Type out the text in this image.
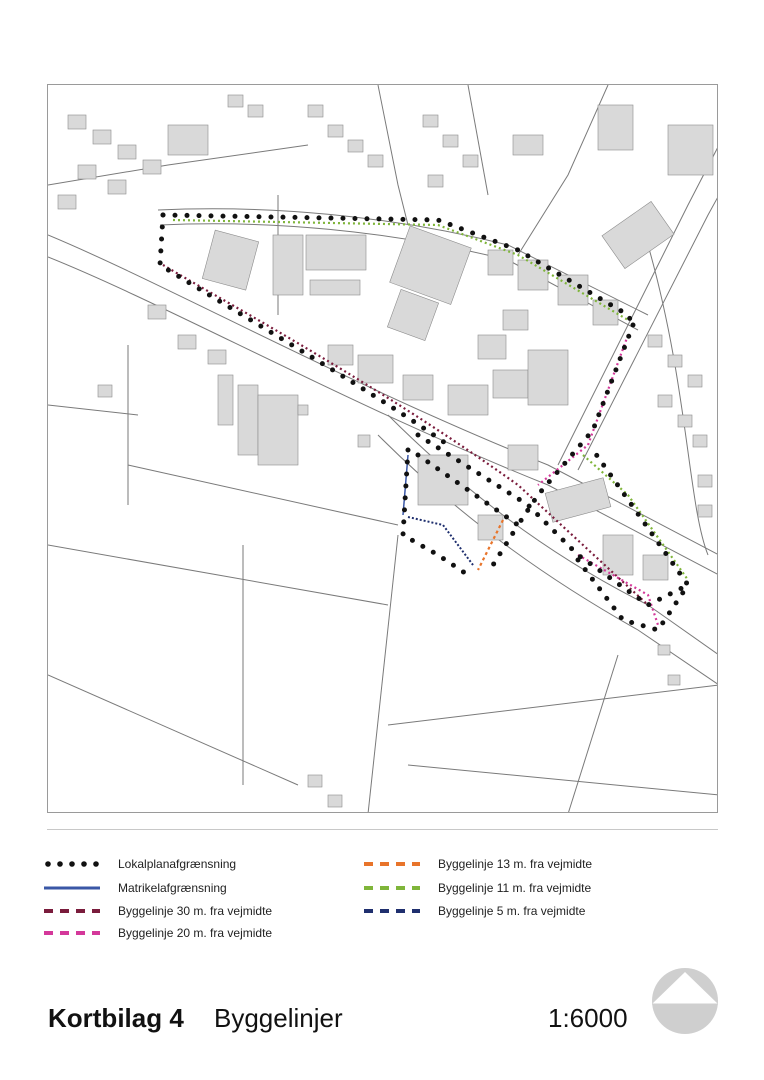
Lokalplanafgrænsning
Matrikelafgrænsning
Byggelinje 30 m. fra vejmidte
Byggelinje 20 m. fra vejmidte
Byggelinje 13 m. fra vejmidte
Byggelinje 11 m. fra vejmidte
Byggelinje 5 m. fra vejmidte
Kortbilag 4 Byggelinjer	1:6000
